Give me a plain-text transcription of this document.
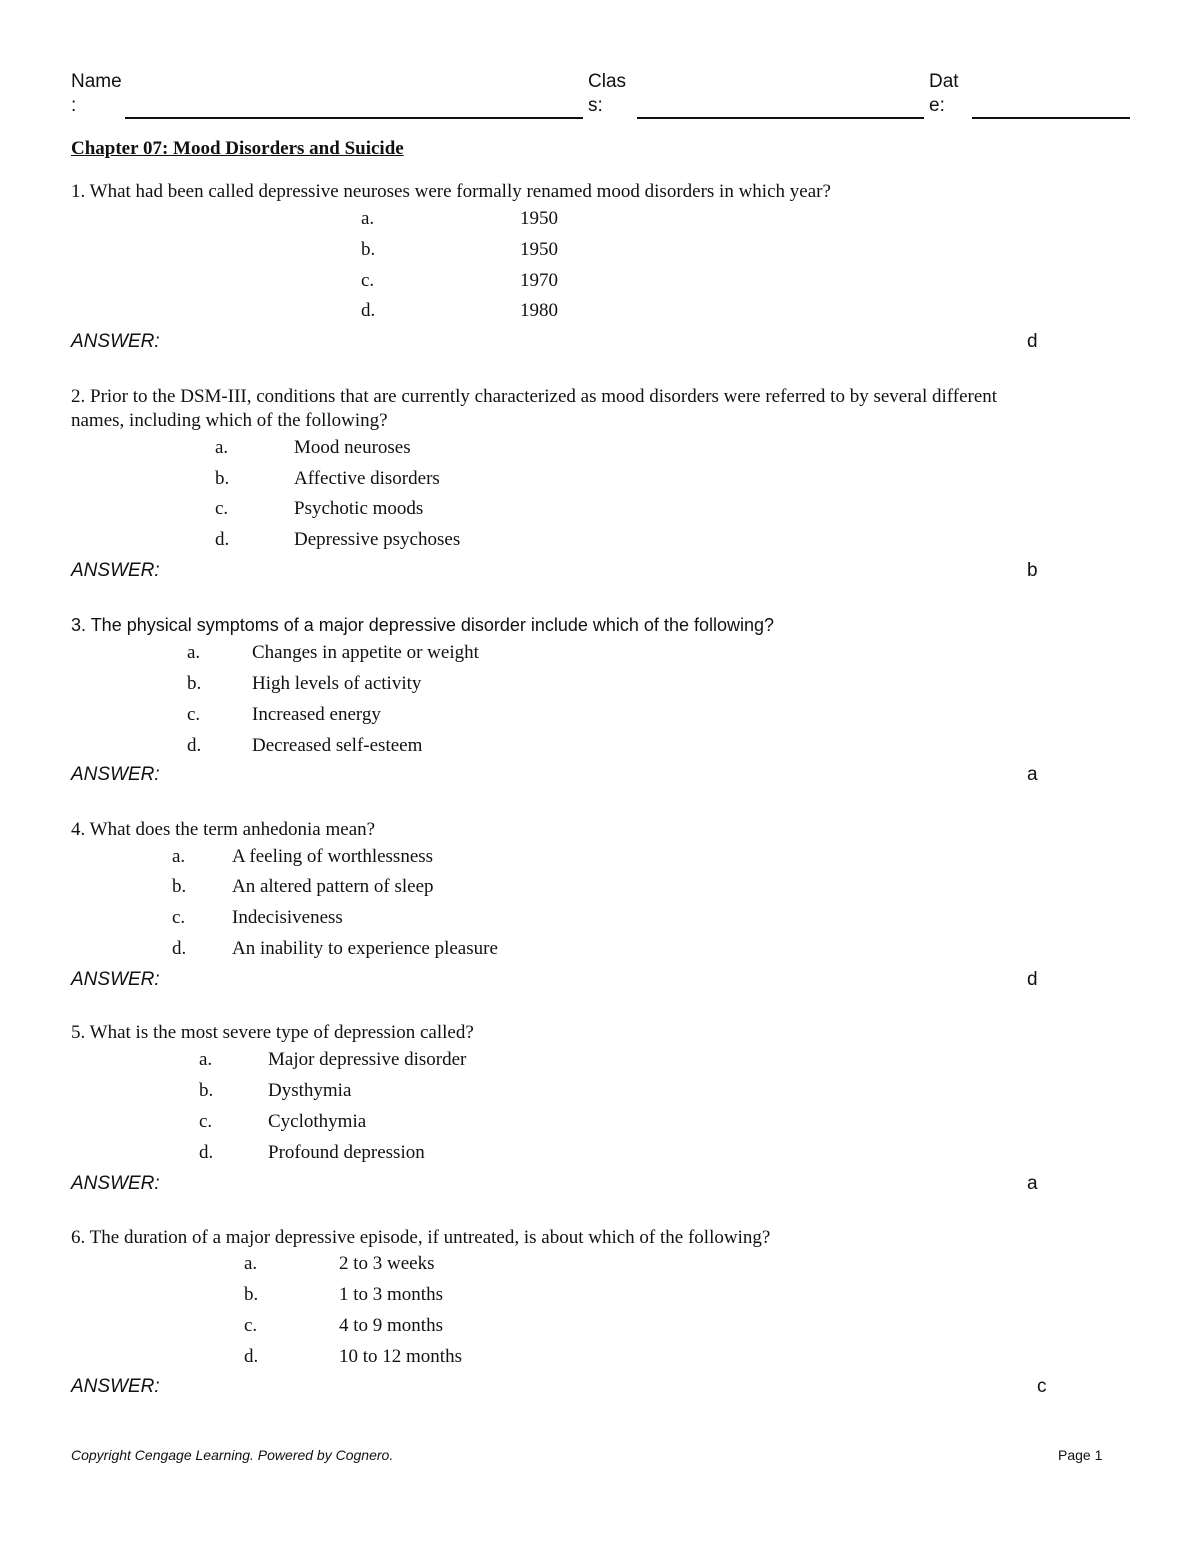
Name
:
Clas
s:
Dat
e:
Chapter 07: Mood Disorders and Suicide
1. What had been called depressive neuroses were formally renamed mood disorders in which year?
a.	1950
b.	1950
c.	1970
d.	1980
ANSWER:	d
2. Prior to the DSM-III, conditions that are currently characterized as mood disorders were referred to by several different
names, including which of the following?
a.	Mood neuroses
b.	Affective disorders
c.	Psychotic moods
d.	Depressive psychoses
ANSWER:	b
3. The physical symptoms of a major depressive disorder include which of the following?
a.	Changes in appetite or weight
b.	High levels of activity
c.	Increased energy
d.	Decreased self-esteem
ANSWER:	a
4. What does the term anhedonia mean?
a. A feeling of worthlessness
b. An altered pattern of sleep
c. Indecisiveness
d. An inability to experience pleasure
ANSWER:	d
5. What is the most severe type of depression called?
a.	Major depressive disorder
b.	Dysthymia
c.	Cyclothymia
d.	Profound depression
ANSWER:	a
6. The duration of a major depressive episode, if untreated, is about which of the following?
a.	2 to 3 weeks
b.	1 to 3 months
c.	4 to 9 months
d.	10 to 12 months
ANSWER:	c
Copyright Cengage Learning. Powered by Cognero.	Page 1
